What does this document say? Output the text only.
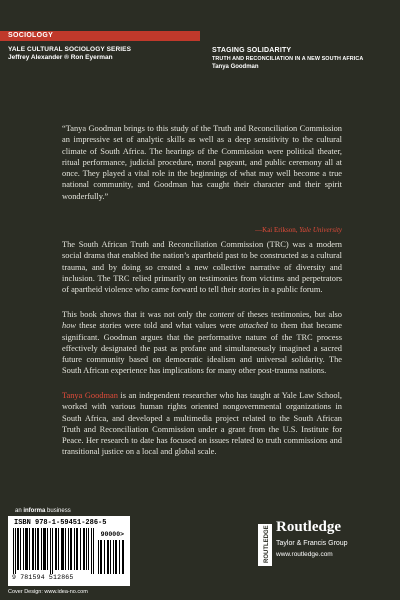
SOCIOLOGY
YALE CULTURAL SOCIOLOGY SERIES
Jeffrey Alexander ® Ron Eyerman
STAGING SOLIDARITY
TRUTH AND RECONCILIATION IN A NEW SOUTH AFRICA
Tanya Goodman

“Tanya Goodman brings to this study of the Truth and Reconciliation Commission an impressive set of analytic skills as well as a deep sensitivity to the cultural climate of South Africa. The hearings of the Commission were political theater, ritual performance, judicial procedure, moral pageant, and public ceremony all at once. They played a vital role in the beginnings of what may well become a true national community, and Goodman has caught their character and their spirit wonderfully.”

—Kai Erikson, Yale University

The South African Truth and Reconciliation Commission (TRC) was a modern social drama that enabled the nation’s apartheid past to be constructed as a cultural trauma, and by doing so created a new collective narrative of diversity and inclusion. The TRC relied primarily on testimonies from victims and perpetrators of apartheid violence who came forward to tell their stories in a public forum.

This book shows that it was not only the content of theses testimonies, but also how these stories were told and what values were attached to them that became significant. Goodman argues that the performative nature of the TRC process effectively designated the past as profane and simultaneously imagined a sacred future community based on democratic idealism and universal solidarity. The South African experience has implications for many other post-trauma nations.

Tanya Goodman is an independent researcher who has taught at Yale Law School, worked with various human rights oriented nongovernmental organizations in South Africa, and developed a multimedia project related to the South African Truth and Reconciliation Commission under a grant from the U.S. Institute for Peace. Her research to date has focused on issues related to truth commissions and transitional justice on a local and global scale.

an informa business
ISBN 978-1-59451-286-5
90000>
9 781594 512865
Cover Design: www.idea-no.com
ROUTLEDGE Routledge
Taylor & Francis Group
www.routledge.com
